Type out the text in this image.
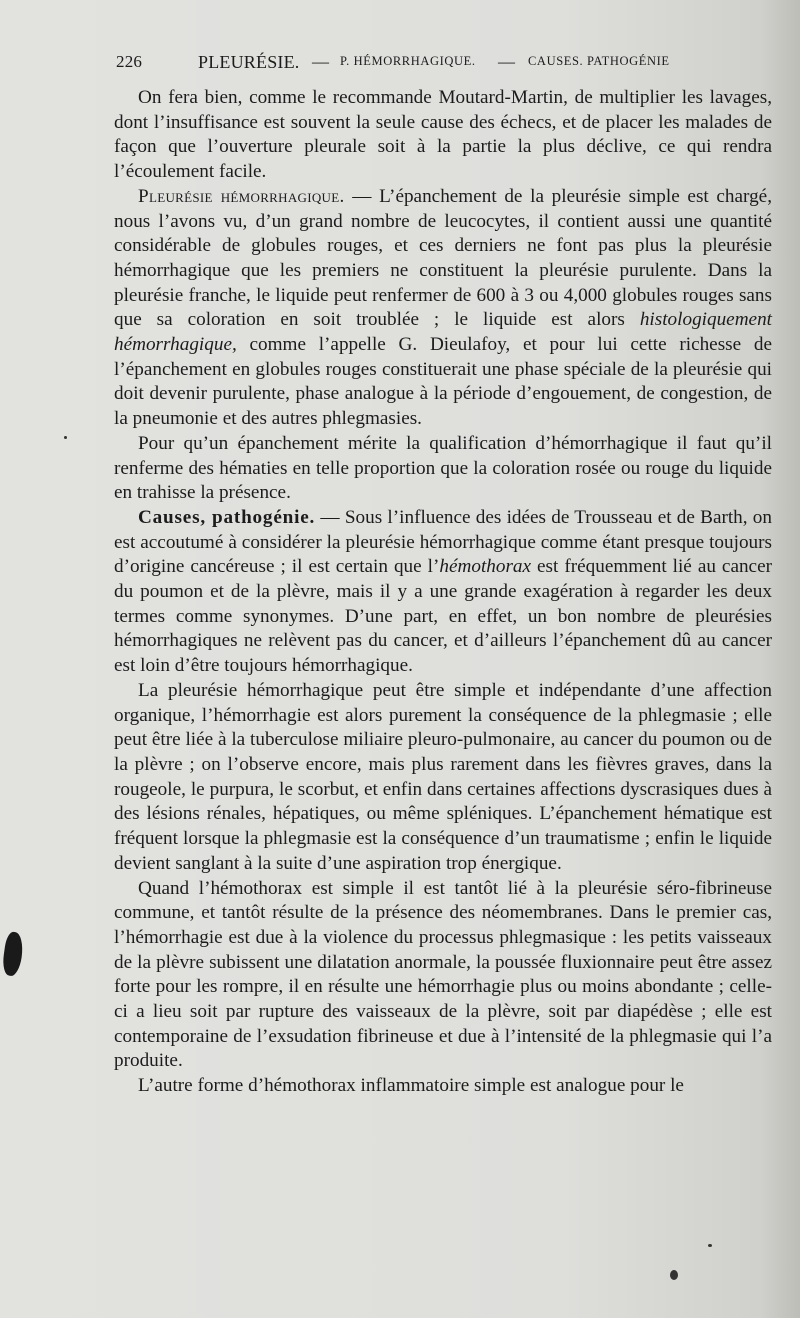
226	PLEURÉSIE. — P. HÉMORRHAGIQUE. — CAUSES. PATHOGÉNIE

On fera bien, comme le recommande Moutard-Martin, de multiplier les lavages, dont l’insuffisance est souvent la seule cause des échecs, et de placer les malades de façon que l’ouverture pleurale soit à la partie la plus déclive, ce qui rendra l’écoulement facile.

Pleurésie hémorrhagique. — L’épanchement de la pleurésie simple est chargé, nous l’avons vu, d’un grand nombre de leucocytes, il contient aussi une quantité considérable de globules rouges, et ces derniers ne font pas plus la pleurésie hémorrhagique que les premiers ne constituent la pleurésie purulente. Dans la pleurésie franche, le liquide peut renfermer de 600 à 3 ou 4,000 globules rouges sans que sa coloration en soit troublée ; le liquide est alors histologiquement hémorrhagique, comme l’appelle G. Dieulafoy, et pour lui cette richesse de l’épanchement en globules rouges constituerait une phase spéciale de la pleurésie qui doit devenir purulente, phase analogue à la période d’engouement, de congestion, de la pneumonie et des autres phlegmasies.

Pour qu’un épanchement mérite la qualification d’hémorrhagique il faut qu’il renferme des hématies en telle proportion que la coloration rosée ou rouge du liquide en trahisse la présence.

Causes, pathogénie. — Sous l’influence des idées de Trousseau et de Barth, on est accoutumé à considérer la pleurésie hémorrhagique comme étant presque toujours d’origine cancéreuse ; il est certain que l’hémothorax est fréquemment lié au cancer du poumon et de la plèvre, mais il y a une grande exagération à regarder les deux termes comme synonymes. D’une part, en effet, un bon nombre de pleurésies hémorrhagiques ne relèvent pas du cancer, et d’ailleurs l’épanchement dû au cancer est loin d’être toujours hémorrhagique.

La pleurésie hémorrhagique peut être simple et indépendante d’une affection organique, l’hémorrhagie est alors purement la conséquence de la phlegmasie ; elle peut être liée à la tuberculose miliaire pleuro-pulmonaire, au cancer du poumon ou de la plèvre ; on l’observe encore, mais plus rarement dans les fièvres graves, dans la rougeole, le purpura, le scorbut, et enfin dans certaines affections dyscrasiques dues à des lésions rénales, hépatiques, ou même spléniques. L’épanchement hématique est fréquent lorsque la phlegmasie est la conséquence d’un traumatisme ; enfin le liquide devient sanglant à la suite d’une aspiration trop énergique.

Quand l’hémothorax est simple il est tantôt lié à la pleurésie séro-fibrineuse commune, et tantôt résulte de la présence des néomembranes. Dans le premier cas, l’hémorrhagie est due à la violence du processus phlegmasique : les petits vaisseaux de la plèvre subissent une dilatation anormale, la poussée fluxionnaire peut être assez forte pour les rompre, il en résulte une hémorrhagie plus ou moins abondante ; celle-ci a lieu soit par rupture des vaisseaux de la plèvre, soit par diapédèse ; elle est contemporaine de l’exsudation fibrineuse et due à l’intensité de la phlegmasie qui l’a produite.

L’autre forme d’hémothorax inflammatoire simple est analogue pour le
